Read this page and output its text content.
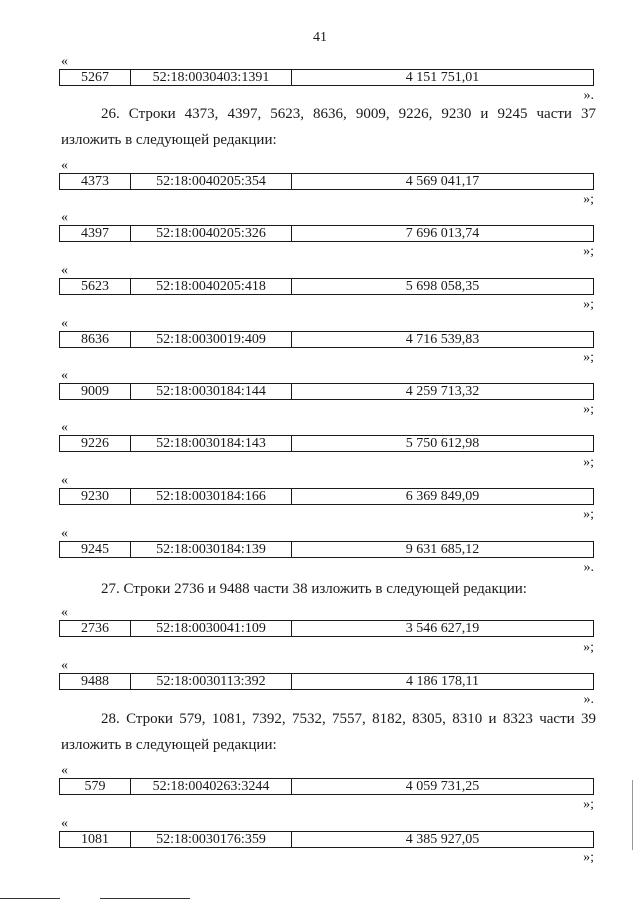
41
«
5267	52:18:0030403:1391	4 151 751,01
».
26. Строки 4373, 4397, 5623, 8636, 9009, 9226, 9230 и 9245 части 37 изложить в следующей редакции:
«
4373	52:18:0040205:354	4 569 041,17
»;
«
4397	52:18:0040205:326	7 696 013,74
»;
«
5623	52:18:0040205:418	5 698 058,35
»;
«
8636	52:18:0030019:409	4 716 539,83
»;
«
9009	52:18:0030184:144	4 259 713,32
»;
«
9226	52:18:0030184:143	5 750 612,98
»;
«
9230	52:18:0030184:166	6 369 849,09
»;
«
9245	52:18:0030184:139	9 631 685,12
».
27. Строки 2736 и 9488 части 38 изложить в следующей редакции:
«
2736	52:18:0030041:109	3 546 627,19
»;
«
9488	52:18:0030113:392	4 186 178,11
».
28. Строки 579, 1081, 7392, 7532, 7557, 8182, 8305, 8310 и 8323 части 39 изложить в следующей редакции:
«
579	52:18:0040263:3244	4 059 731,25
»;
«
1081	52:18:0030176:359	4 385 927,05
»;
